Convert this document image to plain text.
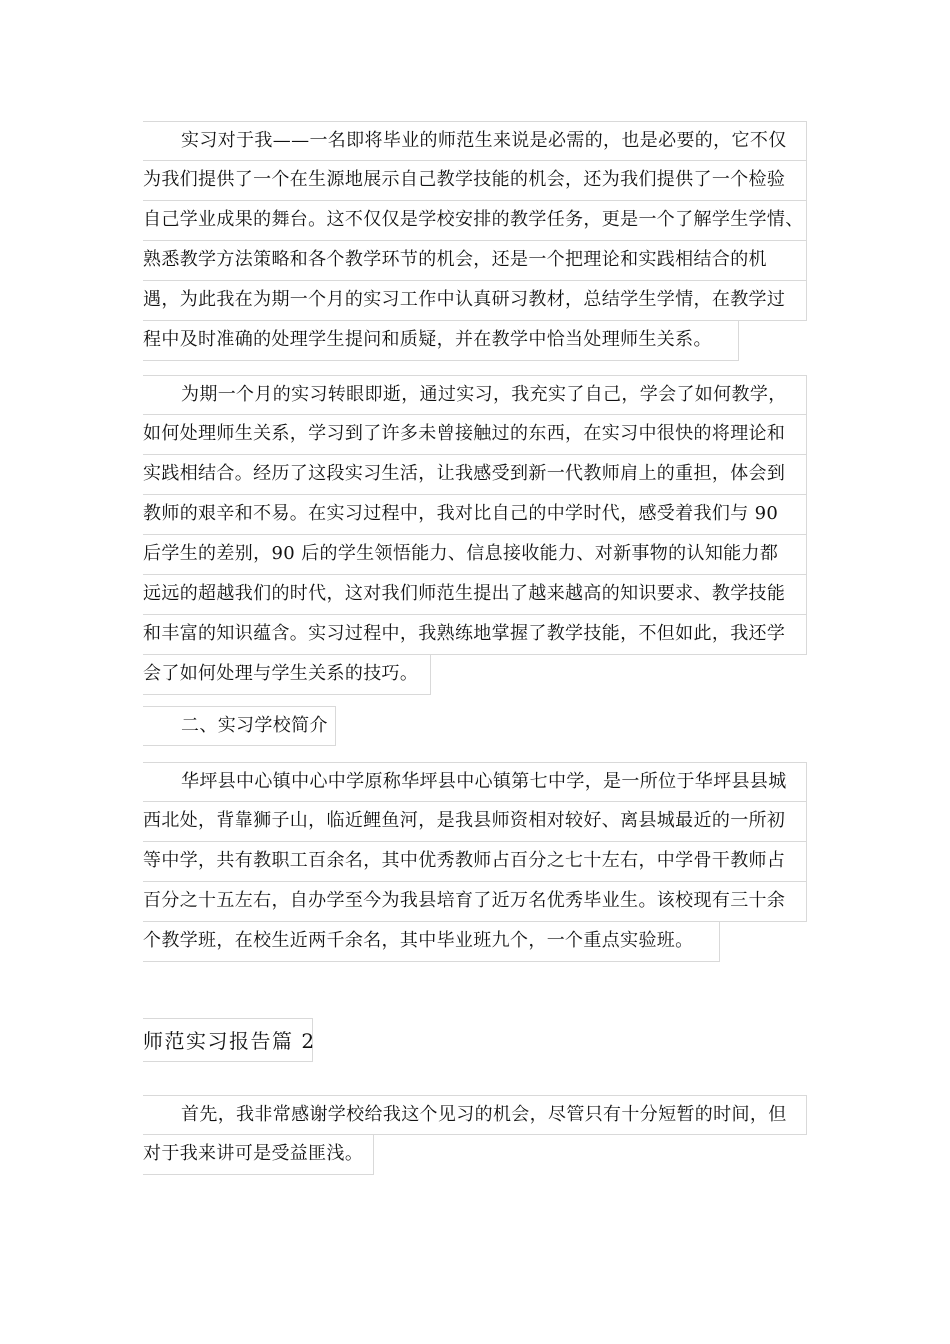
实习对于我——一名即将毕业的师范生来说是必需的，也是必要的，它不仅
为我们提供了一个在生源地展示自己教学技能的机会，还为我们提供了一个检验
自己学业成果的舞台。这不仅仅是学校安排的教学任务，更是一个了解学生学情、
熟悉教学方法策略和各个教学环节的机会，还是一个把理论和实践相结合的机
遇，为此我在为期一个月的实习工作中认真研习教材，总结学生学情，在教学过
程中及时准确的处理学生提问和质疑，并在教学中恰当处理师生关系。
为期一个月的实习转眼即逝，通过实习，我充实了自己，学会了如何教学，
如何处理师生关系，学习到了许多未曾接触过的东西，在实习中很快的将理论和
实践相结合。经历了这段实习生活，让我感受到新一代教师肩上的重担，体会到
教师的艰辛和不易。在实习过程中，我对比自己的中学时代，感受着我们与 90
后学生的差别，90 后的学生领悟能力、信息接收能力、对新事物的认知能力都
远远的超越我们的时代，这对我们师范生提出了越来越高的知识要求、教学技能
和丰富的知识蕴含。实习过程中，我熟练地掌握了教学技能，不但如此，我还学
会了如何处理与学生关系的技巧。
二、实习学校简介
华坪县中心镇中心中学原称华坪县中心镇第七中学，是一所位于华坪县县城
西北处，背靠狮子山，临近鲤鱼河，是我县师资相对较好、离县城最近的一所初
等中学，共有教职工百余名，其中优秀教师占百分之七十左右，中学骨干教师占
百分之十五左右，自办学至今为我县培育了近万名优秀毕业生。该校现有三十余
个教学班，在校生近两千余名，其中毕业班九个，一个重点实验班。
师范实习报告篇 2
首先，我非常感谢学校给我这个见习的机会，尽管只有十分短暂的时间，但
对于我来讲可是受益匪浅。
